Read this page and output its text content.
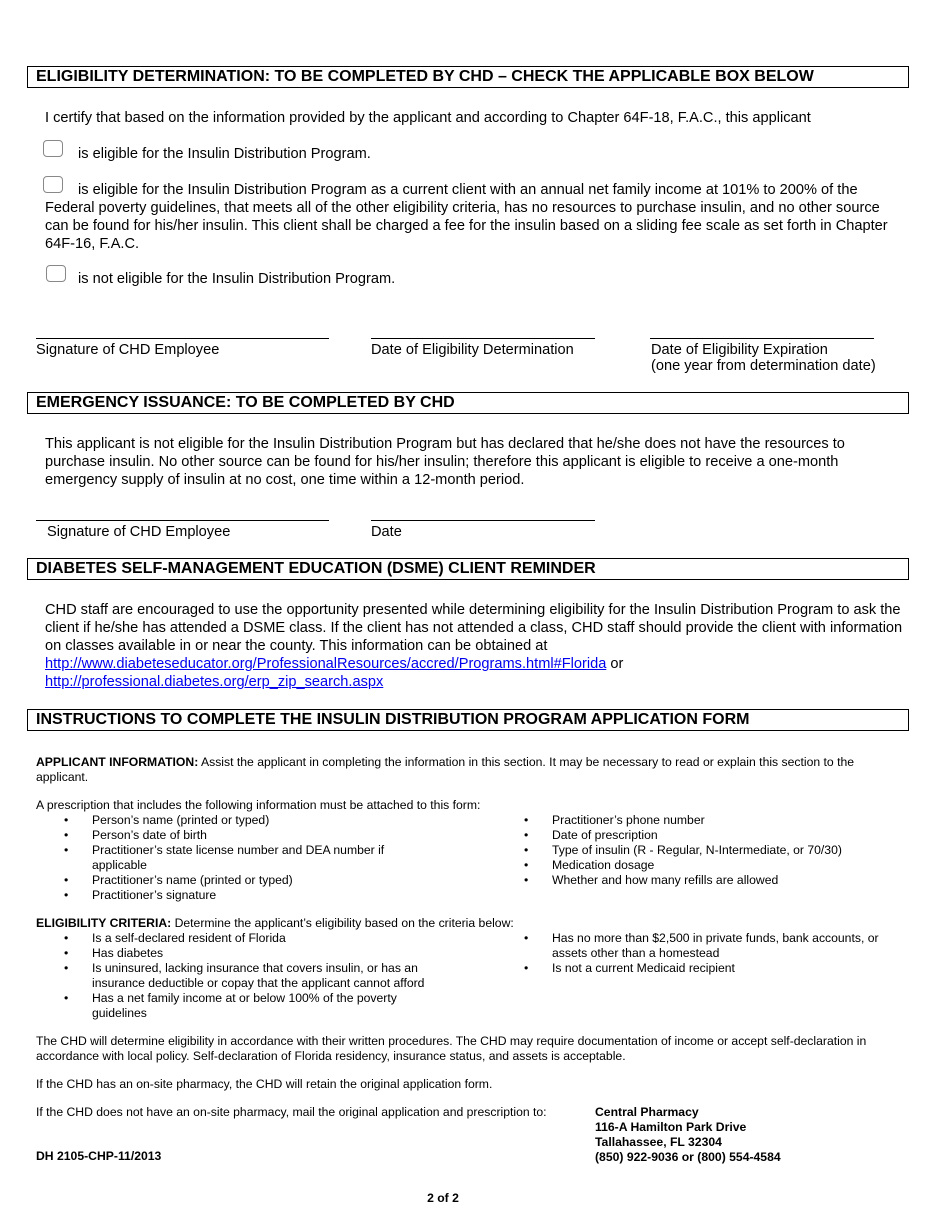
ELIGIBILITY DETERMINATION: TO BE COMPLETED BY CHD – CHECK THE APPLICABLE BOX BELOW
I certify that based on the information provided by the applicant and according to Chapter 64F-18, F.A.C., this applicant
is eligible for the Insulin Distribution Program.
is eligible for the Insulin Distribution Program as a current client with an annual net family income at 101% to 200% of the
Federal poverty guidelines, that meets all of the other eligibility criteria, has no resources to purchase insulin, and no other source can be found for his/her insulin. This client shall be charged a fee for the insulin based on a sliding fee scale as set forth in Chapter 64F-16, F.A.C.
is not eligible for the Insulin Distribution Program.
Signature of CHD Employee	Date of Eligibility Determination	Date of Eligibility Expiration
(one year from determination date)
EMERGENCY ISSUANCE: TO BE COMPLETED BY CHD
This applicant is not eligible for the Insulin Distribution Program but has declared that he/she does not have the resources to purchase insulin. No other source can be found for his/her insulin; therefore this applicant is eligible to receive a one-month emergency supply of insulin at no cost, one time within a 12-month period.
Signature of CHD Employee	Date
DIABETES SELF-MANAGEMENT EDUCATION (DSME) CLIENT REMINDER
CHD staff are encouraged to use the opportunity presented while determining eligibility for the Insulin Distribution Program to ask the client if he/she has attended a DSME class. If the client has not attended a class, CHD staff should provide the client with information on classes available in or near the county. This information can be obtained at
http://www.diabeteseducator.org/ProfessionalResources/accred/Programs.html#Florida or
http://professional.diabetes.org/erp_zip_search.aspx
INSTRUCTIONS TO COMPLETE THE INSULIN DISTRIBUTION PROGRAM APPLICATION FORM
APPLICANT INFORMATION: Assist the applicant in completing the information in this section. It may be necessary to read or explain this section to the applicant.
A prescription that includes the following information must be attached to this form:
• Person’s name (printed or typed)
• Person’s date of birth
• Practitioner’s state license number and DEA number if applicable
• Practitioner’s name (printed or typed)
• Practitioner’s signature
• Practitioner’s phone number
• Date of prescription
• Type of insulin (R - Regular, N-Intermediate, or 70/30)
• Medication dosage
• Whether and how many refills are allowed
ELIGIBILITY CRITERIA: Determine the applicant’s eligibility based on the criteria below:
• Is a self-declared resident of Florida
• Has diabetes
• Is uninsured, lacking insurance that covers insulin, or has an insurance deductible or copay that the applicant cannot afford
• Has a net family income at or below 100% of the poverty guidelines
• Has no more than $2,500 in private funds, bank accounts, or assets other than a homestead
• Is not a current Medicaid recipient
The CHD will determine eligibility in accordance with their written procedures. The CHD may require documentation of income or accept self-declaration in accordance with local policy. Self-declaration of Florida residency, insurance status, and assets is acceptable.
If the CHD has an on-site pharmacy, the CHD will retain the original application form.
If the CHD does not have an on-site pharmacy, mail the original application and prescription to:	Central Pharmacy
116-A Hamilton Park Drive
Tallahassee, FL 32304
(850) 922-9036 or (800) 554-4584
DH 2105-CHP-11/2013
2 of 2
